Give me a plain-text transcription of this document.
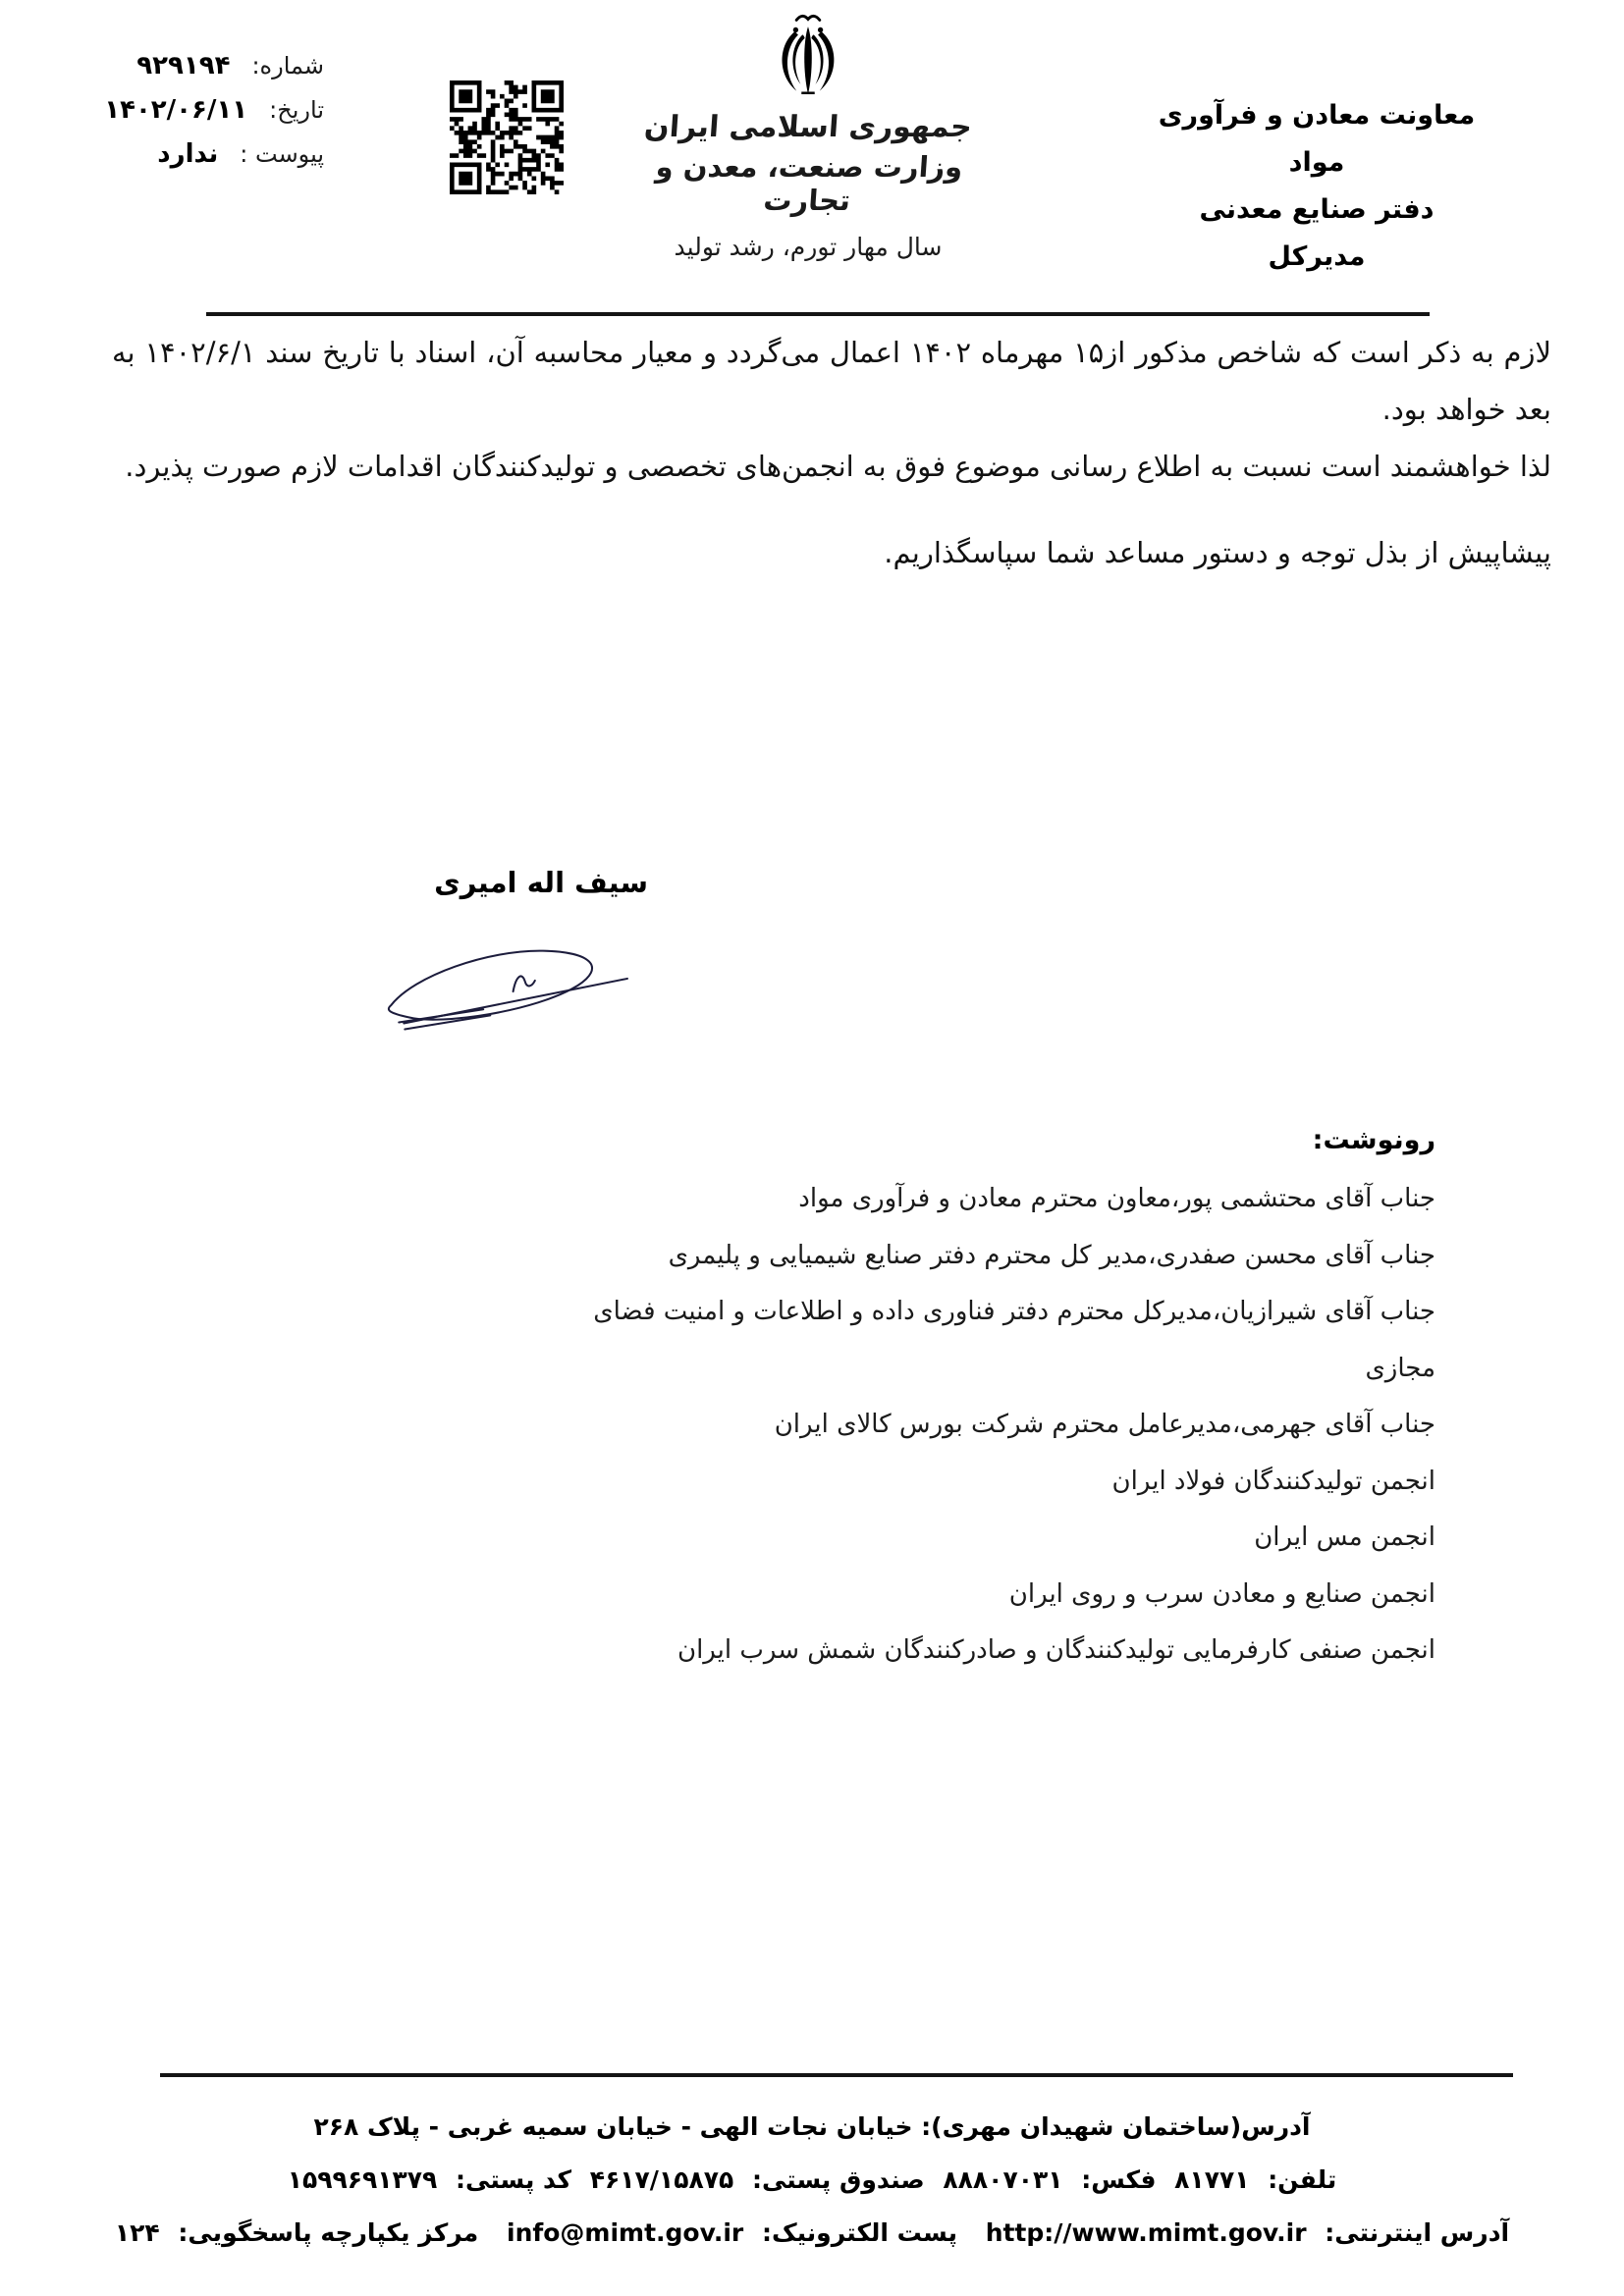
شماره:
۹۲۹۱۹۴
تاریخ:
۱۴۰۲/۰۶/۱۱
پیوست :
ندارد
جمهوری اسلامی ایران
وزارت صنعت، معدن و تجارت
سال مهار تورم، رشد تولید
معاونت معادن و فرآوری مواد
دفتر صنایع معدنی
مدیرکل

لازم به ذکر است که شاخص مذکور از۱۵ مهرماه ۱۴۰۲ اعمال می‌گردد و معیار محاسبه آن، اسناد با تاریخ سند ۱۴۰۲/۶/۱ به بعد خواهد بود.

لذا خواهشمند است نسبت به اطلاع رسانی موضوع فوق به انجمن‌های تخصصی و تولیدکنندگان اقدامات لازم صورت پذیرد.

پیشاپیش از بذل توجه و دستور مساعد شما سپاسگذاریم.

سیف اله امیری
رونوشت:
جناب آقای محتشمی پور،معاون محترم معادن و فرآوری مواد
جناب آقای محسن صفدری،مدیر کل محترم دفتر صنایع شیمیایی و پلیمری
جناب آقای شیرازیان،مدیرکل محترم دفتر فناوری داده و اطلاعات و امنیت فضای مجازی
جناب آقای جهرمی،مدیرعامل محترم شرکت بورس کالای ایران
انجمن تولیدکنندگان فولاد ایران
انجمن مس ایران
انجمن صنایع و معادن سرب و روی ایران
انجمن صنفی کارفرمایی تولیدکنندگان و صادرکنندگان شمش سرب ایران
آدرس(ساختمان شهیدان مهری): خیابان نجات الهی - خیابان سمیه غربی - پلاک ۲۶۸
تلفن: ۸۱۷۷۱ فکس: ۸۸۸۰۷۰۳۱ صندوق پستی: ۴۶۱۷/۱۵۸۷۵ کد پستی: ۱۵۹۹۶۹۱۳۷۹
آدرس اینترنتی: http://www.mimt.gov.ir پست الکترونیک: info@mimt.gov.ir مرکز یکپارچه پاسخگویی: ۱۲۴
